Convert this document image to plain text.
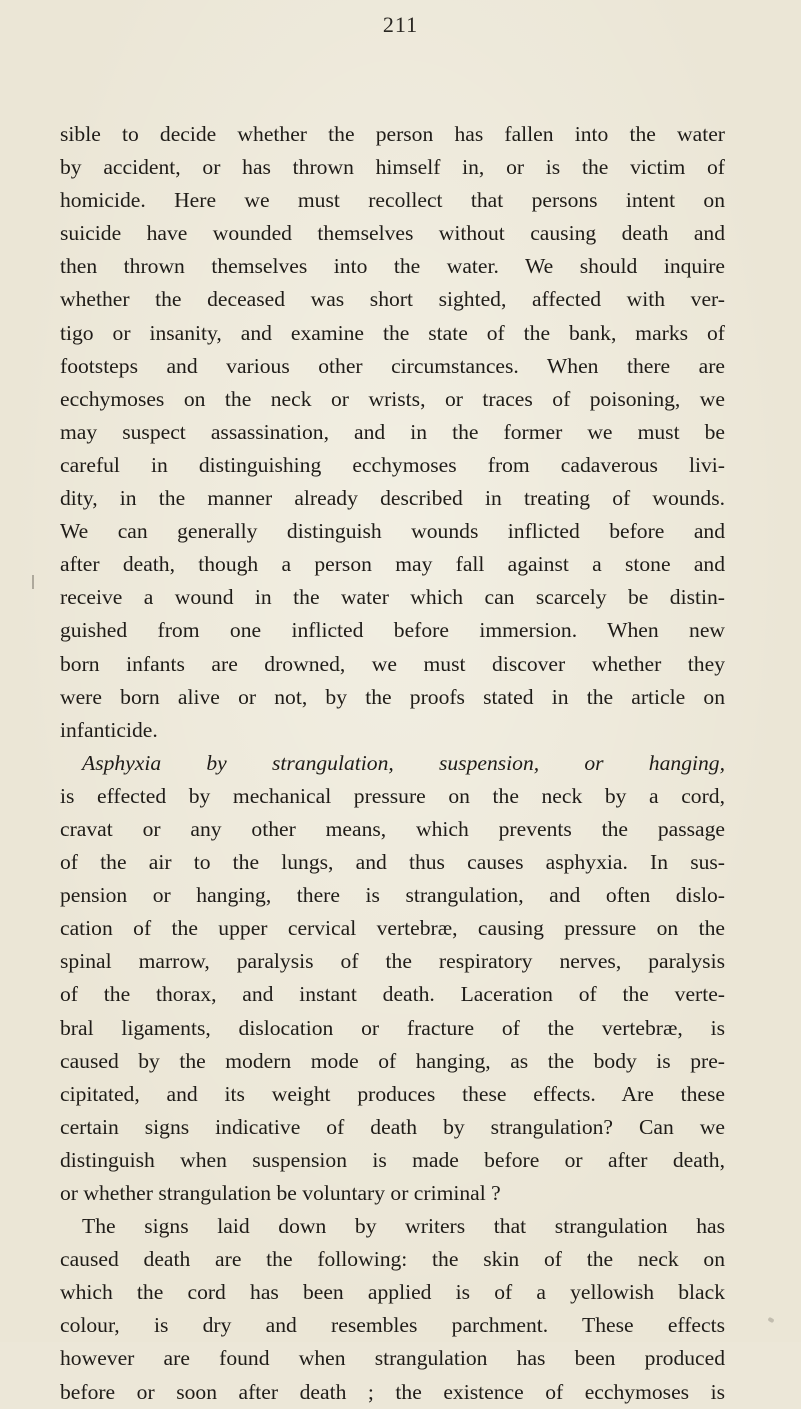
211
sible to decide whether the person has fallen into the water
by accident, or has thrown himself in, or is the victim of
homicide. Here we must recollect that persons intent on
suicide have wounded themselves without causing death and
then thrown themselves into the water. We should inquire
whether the deceased was short sighted, affected with ver-
tigo or insanity, and examine the state of the bank, marks of
footsteps and various other circumstances. When there are
ecchymoses on the neck or wrists, or traces of poisoning, we
may suspect assassination, and in the former we must be
careful in distinguishing ecchymoses from cadaverous livi-
dity, in the manner already described in treating of wounds.
We can generally distinguish wounds inflicted before and
after death, though a person may fall against a stone and
receive a wound in the water which can scarcely be distin-
guished from one inflicted before immersion. When new
born infants are drowned, we must discover whether they
were born alive or not, by the proofs stated in the article on
infanticide.
Asphyxia by strangulation, suspension, or hanging,
is effected by mechanical pressure on the neck by a cord,
cravat or any other means, which prevents the passage
of the air to the lungs, and thus causes asphyxia. In sus-
pension or hanging, there is strangulation, and often dislo-
cation of the upper cervical vertebræ, causing pressure on the
spinal marrow, paralysis of the respiratory nerves, paralysis
of the thorax, and instant death. Laceration of the verte-
bral ligaments, dislocation or fracture of the vertebræ, is
caused by the modern mode of hanging, as the body is pre-
cipitated, and its weight produces these effects. Are these
certain signs indicative of death by strangulation? Can we
distinguish when suspension is made before or after death,
or whether strangulation be voluntary or criminal ?
The signs laid down by writers that strangulation has
caused death are the following: the skin of the neck on
which the cord has been applied is of a yellowish black
colour, is dry and resembles parchment. These effects
however are found when strangulation has been produced
before or soon after death ; the existence of ecchymoses is
